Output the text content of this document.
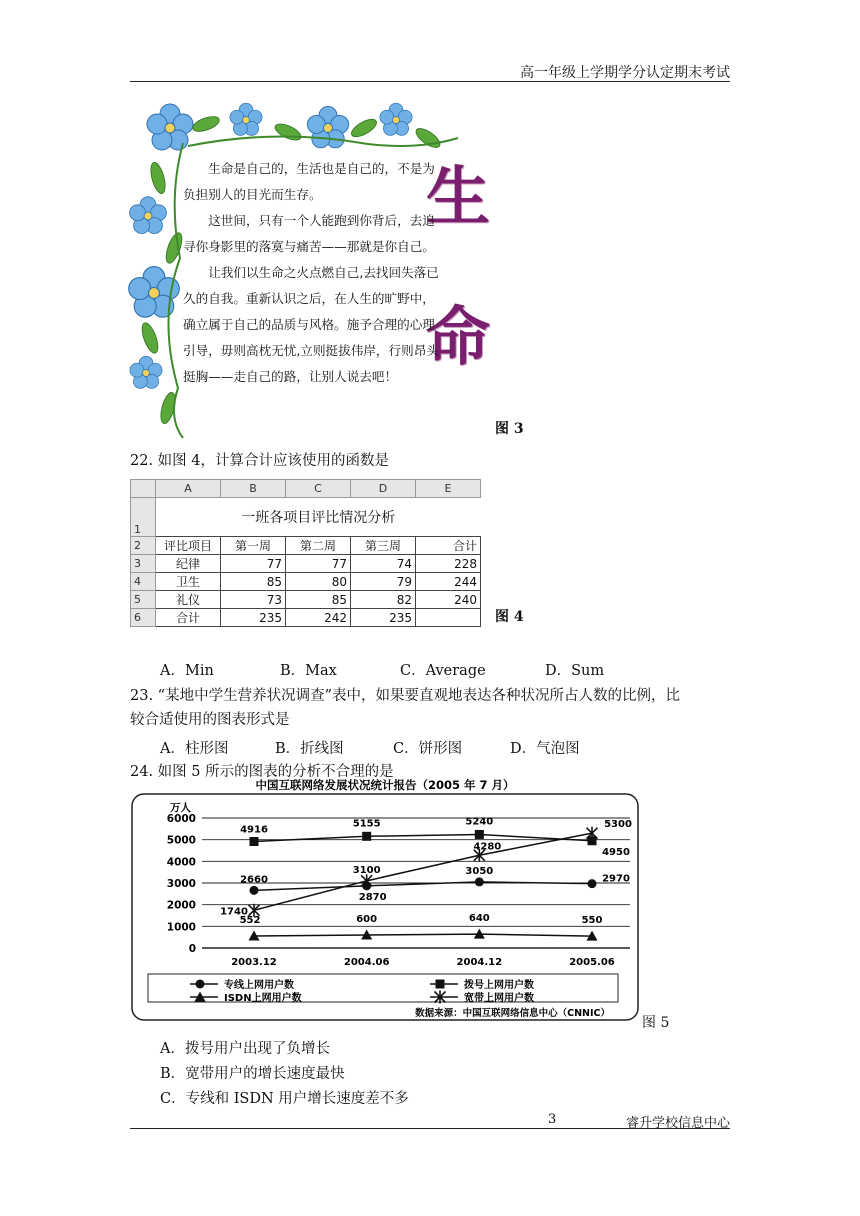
高一年级上学期学分认定期末考试
生
命

生命是自己的，生活也是自己的，不是为负担别人的目光而生存。

这世间，只有一个人能跑到你背后，去追寻你身影里的落寞与痛苦——那就是你自己。

让我们以生命之火点燃自己,去找回失落已久的自我。重新认识之后，在人生的旷野中，确立属于自己的品质与风格。施予合理的心理引导，毋则高枕无忧,立则挺拔伟岸，行则昂头挺胸——走自己的路，让别人说去吧！

图 3
22. 如图 4，计算合计应该使用的函数是
	A	B	C	D	E
1	一班各项目评比情况分析				
2	评比项目	第一周	第二周	第三周	合计
3	纪律	77	77	74	228
4	卫生	85	80	79	244
5	礼仪	73	85	82	240
6	合计	235	242	235		图 4
A．Min	B．Max	C．Average	D．Sum
23. “某地中学生营养状况调查”表中，如果要直观地表达各种状况所占人数的比例，比
较合适使用的图表形式是
A．柱形图	B．折线图	C．饼形图	D．气泡图
24. 如图 5 所示的图表的分析不合理的是
中国互联网络发展状况统计报告（2005 年 7 月）
万人
0
1000
2000
3000
4000
5000
6000
2003.12	2004.06	2004.12	2005.06
2660
2870
3050
2970
4916
5155	5240
4950
552	600	640	550
1740
3100
4280
5300
专线上网用户数	拨号上网用户数
ISDN上网用户数	宽带上网用户数
数据来源：中国互联网络信息中心（CNNIC）
图 5
A．拨号用户出现了负增长
B．宽带用户的增长速度最快
C．专线和 ISDN 用户增长速度差不多
3	睿升学校信息中心
